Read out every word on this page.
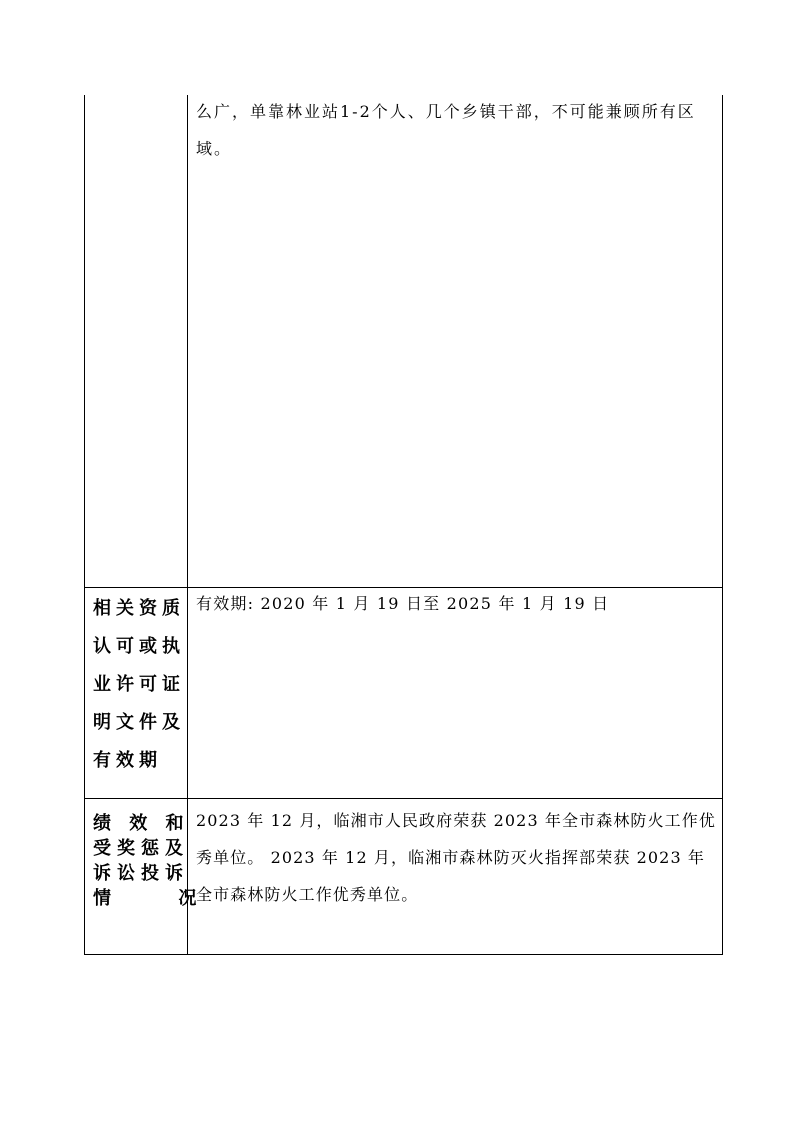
	么广，单靠林业站1-2个人、几个乡镇干部，不可能兼顾所有区域。

相关资质
认可或执
业许可证
明文件及
有效期	有效期: 2020 年 1 月 19 日至 2025 年 1 月 19 日

绩 效 和
受奖惩及
诉讼投诉
情     况	2023 年 12 月，临湘市人民政府荣获 2023 年全市森林防火工作优秀单位。 2023 年 12 月，临湘市森林防灭火指挥部荣获 2023 年全市森林防火工作优秀单位。
